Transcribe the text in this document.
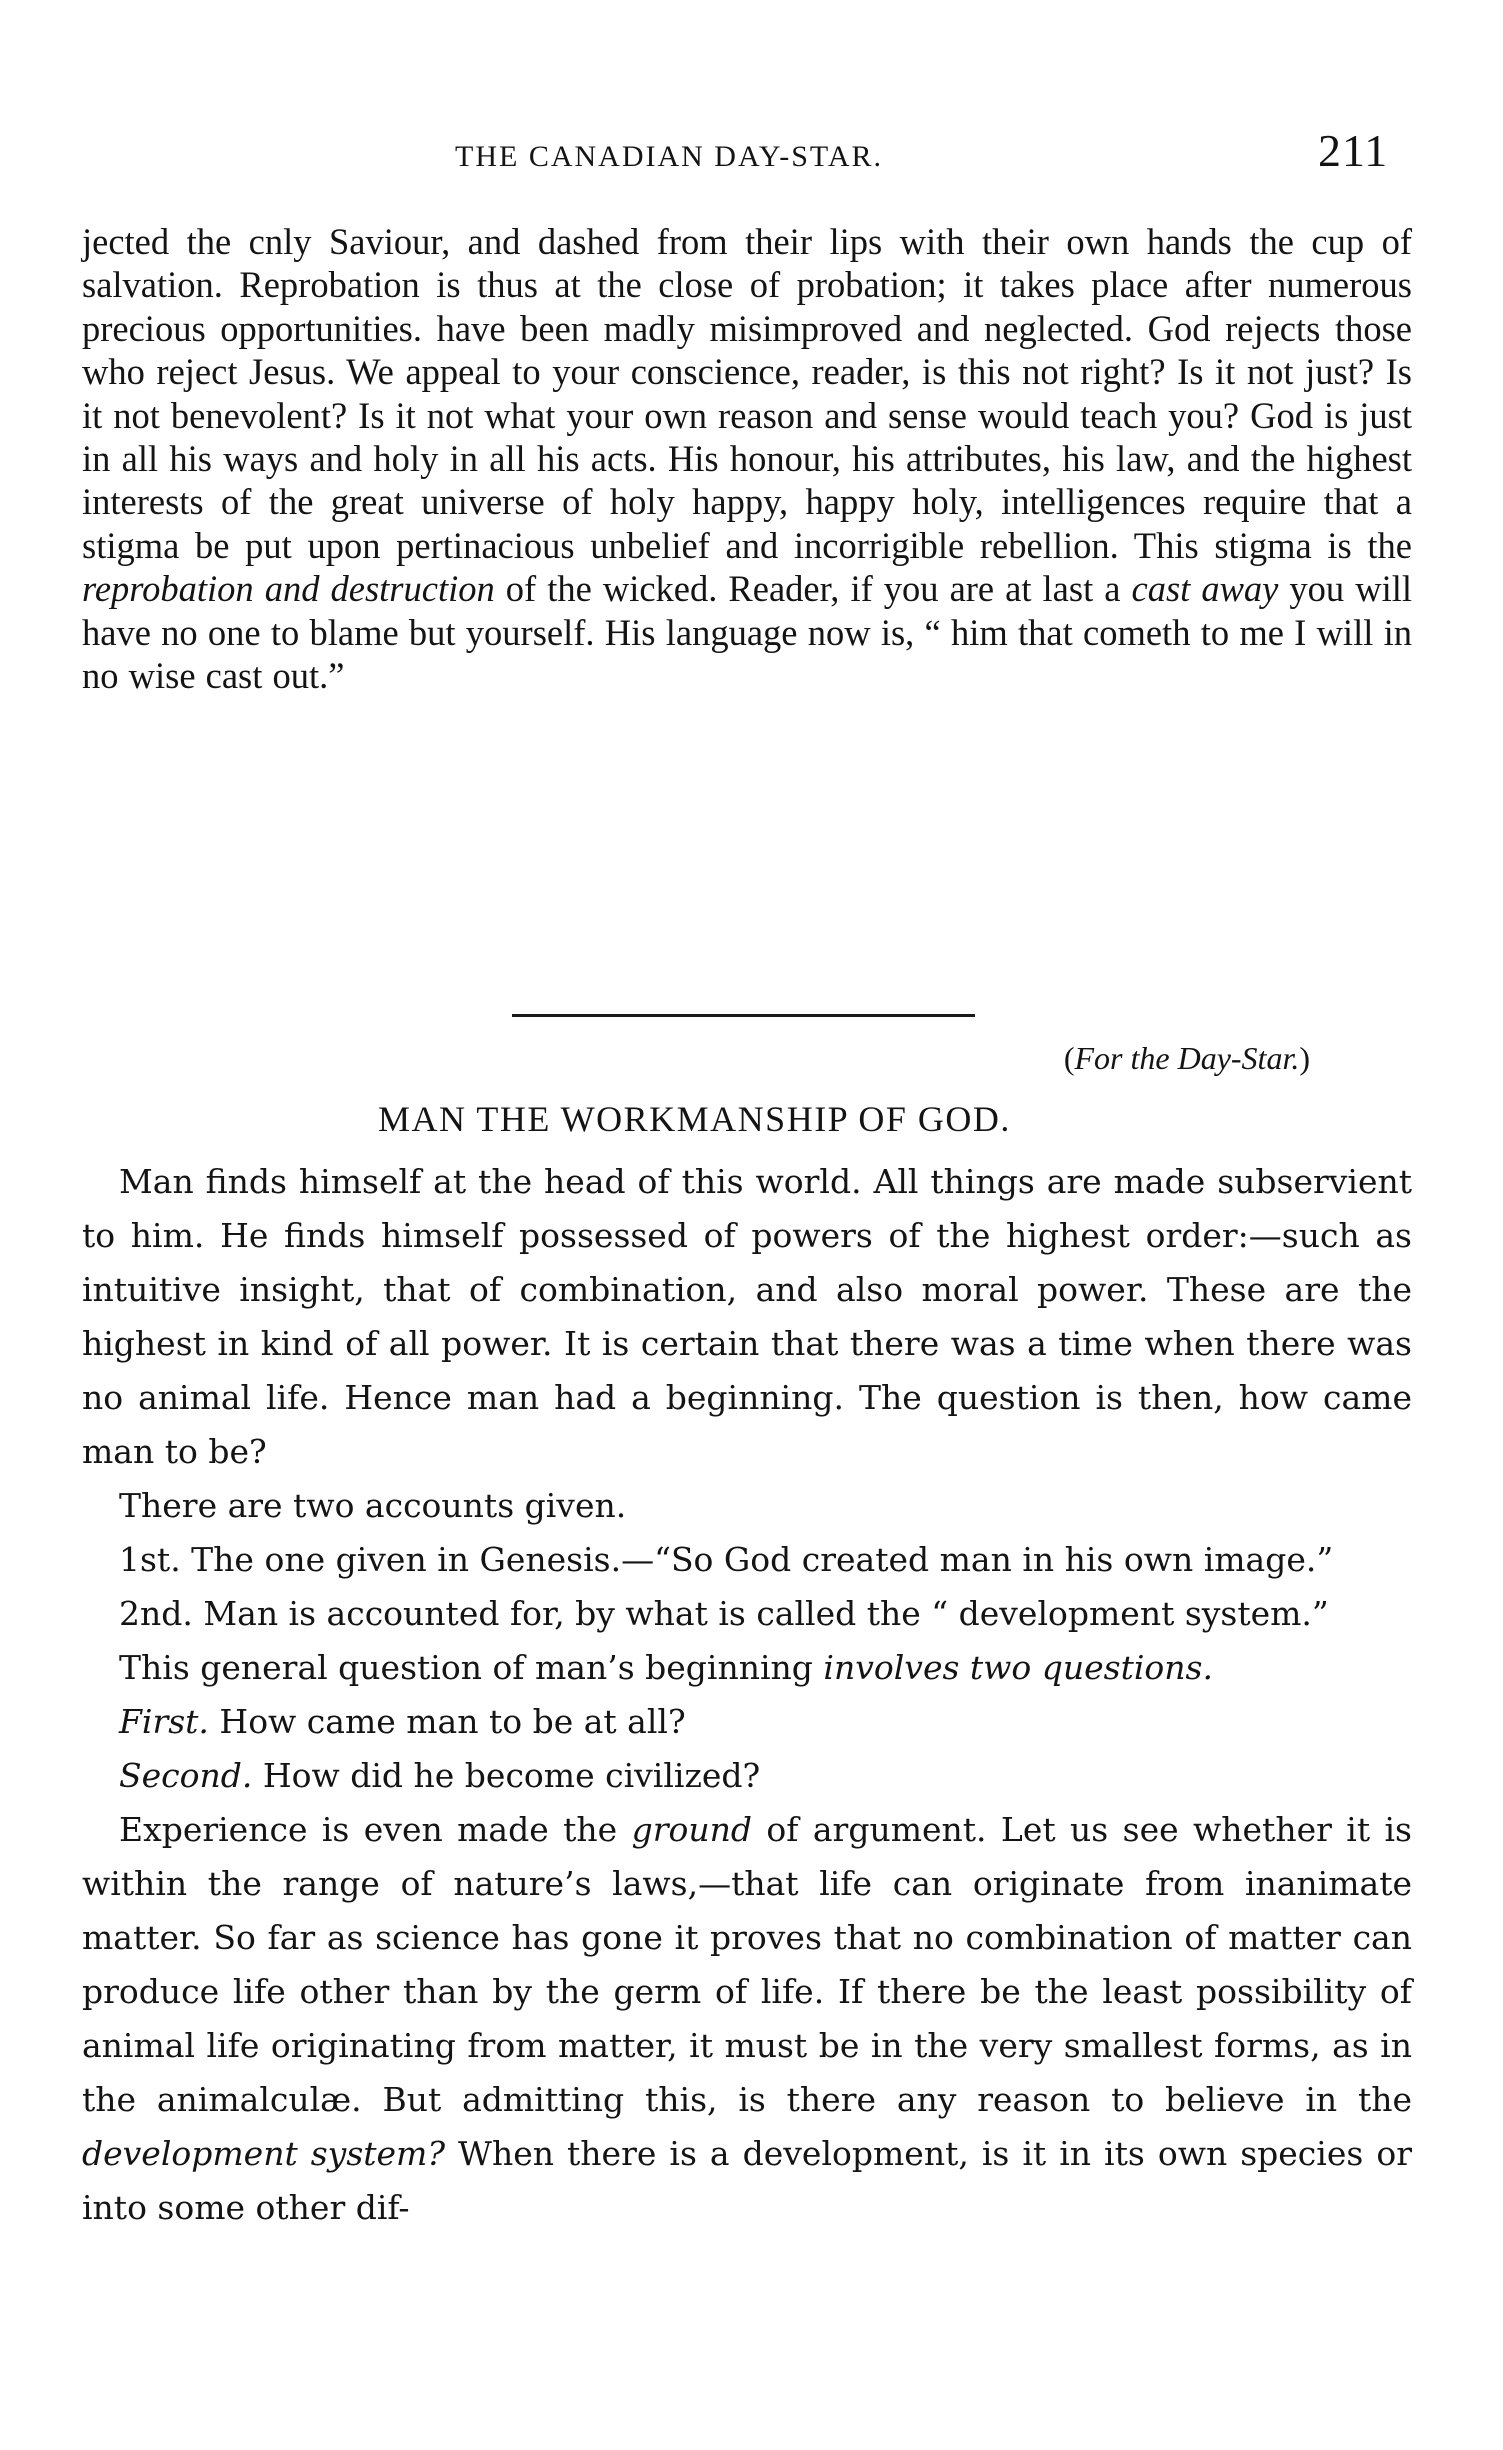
THE CANADIAN DAY-STAR.	211

jected the cnly Saviour, and dashed from their lips with their own hands the cup of salvation. Reprobation is thus at the close of probation; it takes place after numerous precious opportunities. have been madly misimproved and neglected. God rejects those who reject Jesus. We appeal to your conscience, reader, is this not right? Is it not just? Is it not benevolent? Is it not what your own reason and sense would teach you? God is just in all his ways and holy in all his acts. His honour, his attributes, his law, and the highest interests of the great universe of holy happy, happy holy, intelligences require that a stigma be put upon pertinacious unbelief and incorrigible rebellion. This stigma is the reprobation and destruction of the wicked. Reader, if you are at last a cast away you will have no one to blame but yourself. His language now is, “ him that cometh to me I will in no wise cast out.”

(For the Day-Star.)
MAN THE WORKMANSHIP OF GOD.

Man finds himself at the head of this world. All things are made subservient to him. He finds himself possessed of powers of the highest order:—such as intuitive insight, that of combination, and also moral power. These are the highest in kind of all power. It is certain that there was a time when there was no animal life. Hence man had a beginning. The question is then, how came man to be?

There are two accounts given.

1st. The one given in Genesis.—“So God created man in his own image.”

2nd. Man is accounted for, by what is called the “ development system.”

This general question of man’s beginning involves two questions.

First. How came man to be at all?

Second. How did he become civilized?

Experience is even made the ground of argument. Let us see whether it is within the range of nature’s laws,—that life can originate from inanimate matter. So far as science has gone it proves that no combination of matter can produce life other than by the germ of life. If there be the least possibility of animal life originating from matter, it must be in the very smallest forms, as in the animalculæ. But admitting this, is there any reason to believe in the development system? When there is a development, is it in its own species or into some other dif-
